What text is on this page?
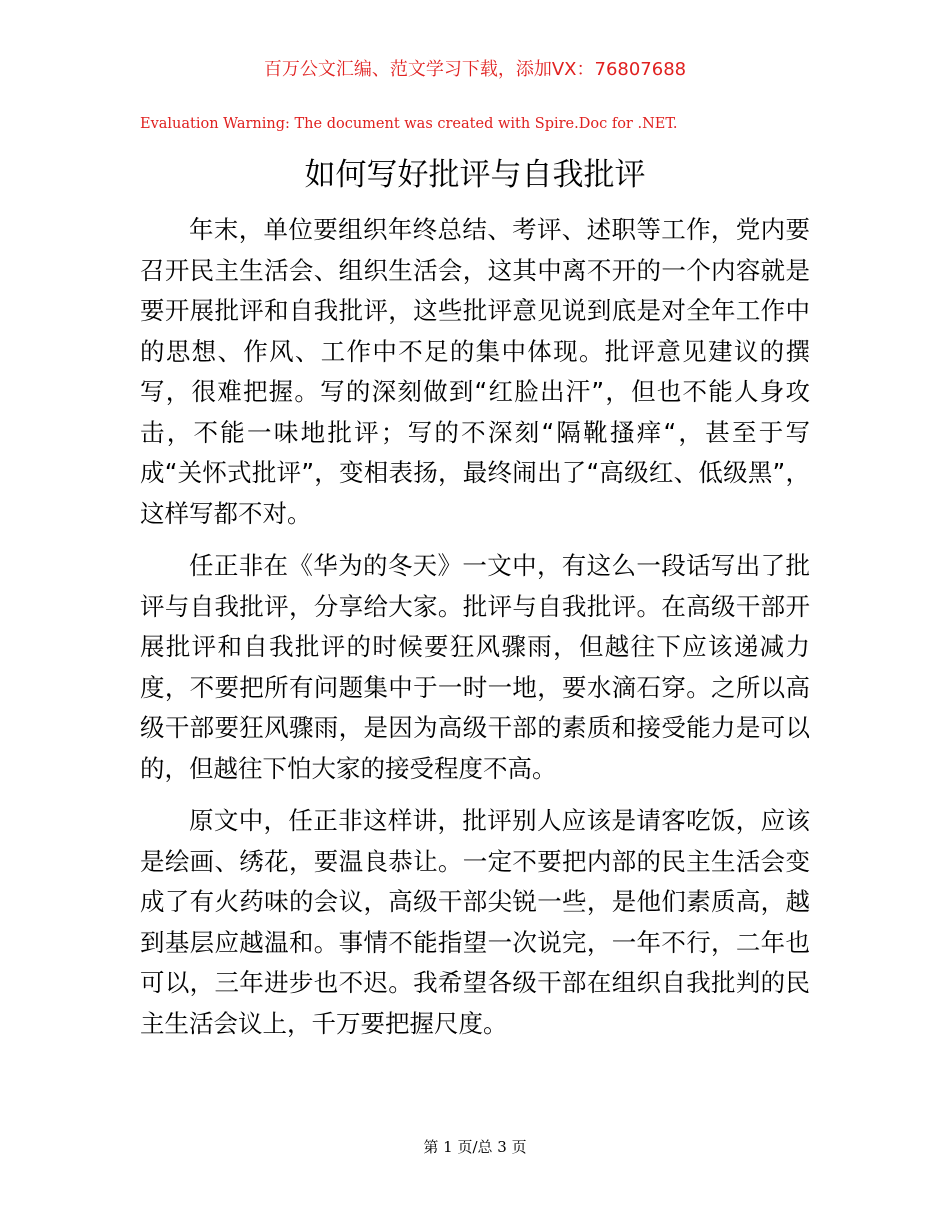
百万公文汇编、范文学习下载，添加VX：76807688
Evaluation Warning: The document was created with Spire.Doc for .NET.
如何写好批评与自我批评

年末，单位要组织年终总结、考评、述职等工作，党内要召开民主生活会、组织生活会，这其中离不开的一个内容就是要开展批评和自我批评，这些批评意见说到底是对全年工作中的思想、作风、工作中不足的集中体现。批评意见建议的撰写，很难把握。写的深刻做到“红脸出汗”，但也不能人身攻击，不能一味地批评；写的不深刻“隔靴搔痒“，甚至于写成“关怀式批评”，变相表扬，最终闹出了“高级红、低级黑”，这样写都不对。

任正非在《华为的冬天》一文中，有这么一段话写出了批评与自我批评，分享给大家。批评与自我批评。在高级干部开展批评和自我批评的时候要狂风骤雨，但越往下应该递减力度，不要把所有问题集中于一时一地，要水滴石穿。之所以高级干部要狂风骤雨，是因为高级干部的素质和接受能力是可以的，但越往下怕大家的接受程度不高。

原文中，任正非这样讲，批评别人应该是请客吃饭，应该是绘画、绣花，要温良恭让。一定不要把内部的民主生活会变成了有火药味的会议，高级干部尖锐一些，是他们素质高，越到基层应越温和。事情不能指望一次说完，一年不行，二年也可以，三年进步也不迟。我希望各级干部在组织自我批判的民主生活会议上，千万要把握尺度。

第 1 页/总 3 页
